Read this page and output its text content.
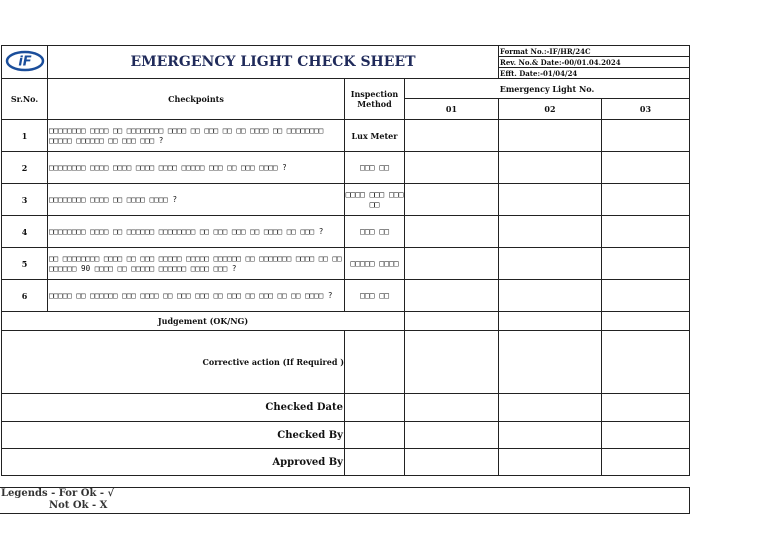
iF	EMERGENCY LIGHT CHECK SHEET			Format No.:-IF/HR/24C	
				Rev. No.& Date:-00/01.04.2024	
				Efft. Date:-01/04/24	
Sr.No.	Checkpoints	Inspection Method	Emergency Light No.		
			01	02	03
1	□□□□□□□□ □□□□ □□ □□□□□□□□ □□□□ □□ □□□ □□ □□ □□□□ □□ □□□□□□□□ □□□□□ □□□□□□ □□ □□□ □□□ ?	Lux Meter			
2	□□□□□□□□ □□□□ □□□□ □□□□ □□□□ □□□□□ □□□ □□ □□□ □□□□ ?	□□□ □□			
3	□□□□□□□□ □□□□ □□ □□□□ □□□□ ?	□□□□ □□□ □□□ □□			
4	□□□□□□□□ □□□□ □□ □□□□□□ □□□□□□□□ □□ □□□ □□□ □□ □□□□ □□ □□□ ?	□□□ □□			
5	□□ □□□□□□□□ □□□□ □□ □□□ □□□□□ □□□□□ □□□□□□ □□ □□□□□□□ □□□□ □□ □□ □□□□□□ 90 □□□□ □□ □□□□□ □□□□□□ □□□□ □□□ ?	□□□□□ □□□□			
6	□□□□□ □□ □□□□□□ □□□ □□□□ □□ □□□ □□□ □□ □□□ □□ □□□ □□ □□ □□□□ ?	□□□ □□			
Judgement (OK/NG)					
Corrective action (If Required )					
Checked Date					
Checked By					
Approved By					
Legends - For Ok - √
Not Ok - X
